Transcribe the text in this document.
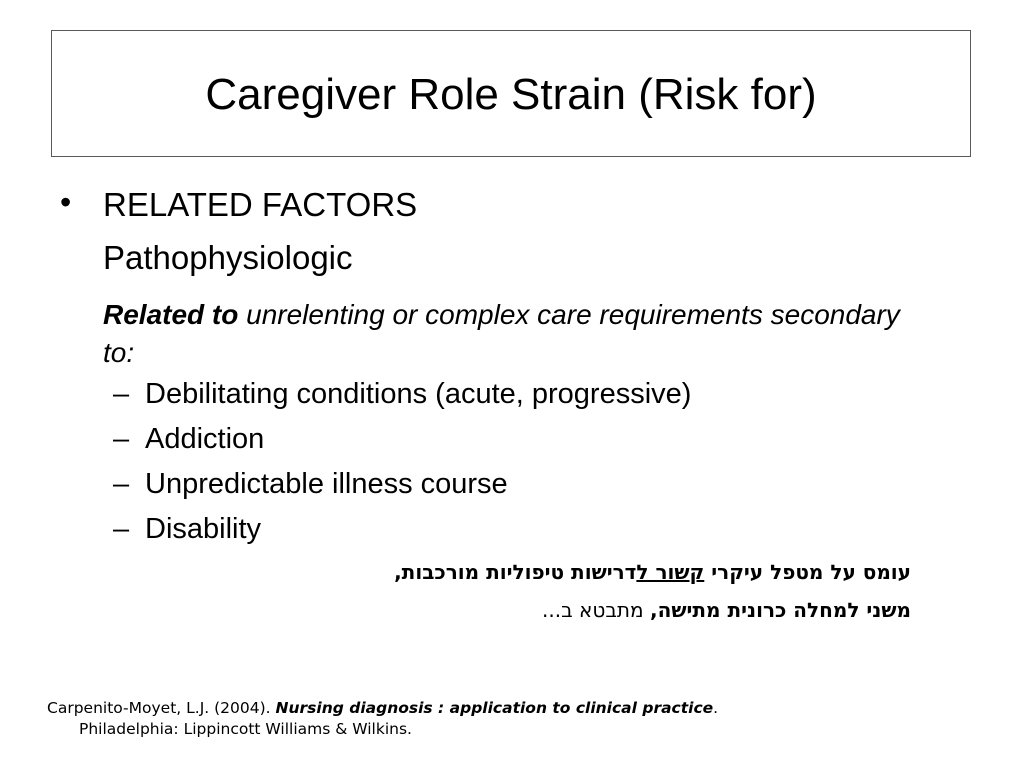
Caregiver Role Strain (Risk for)
• RELATED FACTORS
Pathophysiologic
Related to unrelenting or complex care requirements secondary to:
– Debilitating conditions (acute, progressive)
– Addiction
– Unpredictable illness course
– Disability
עומס על מטפל עיקרי קשור לדרישות טיפוליות מורכבות,
משני למחלה כרונית מתישה, מתבטא ב...
Carpenito-Moyet, L.J. (2004). Nursing diagnosis : application to clinical practice.
Philadelphia: Lippincott Williams & Wilkins.
